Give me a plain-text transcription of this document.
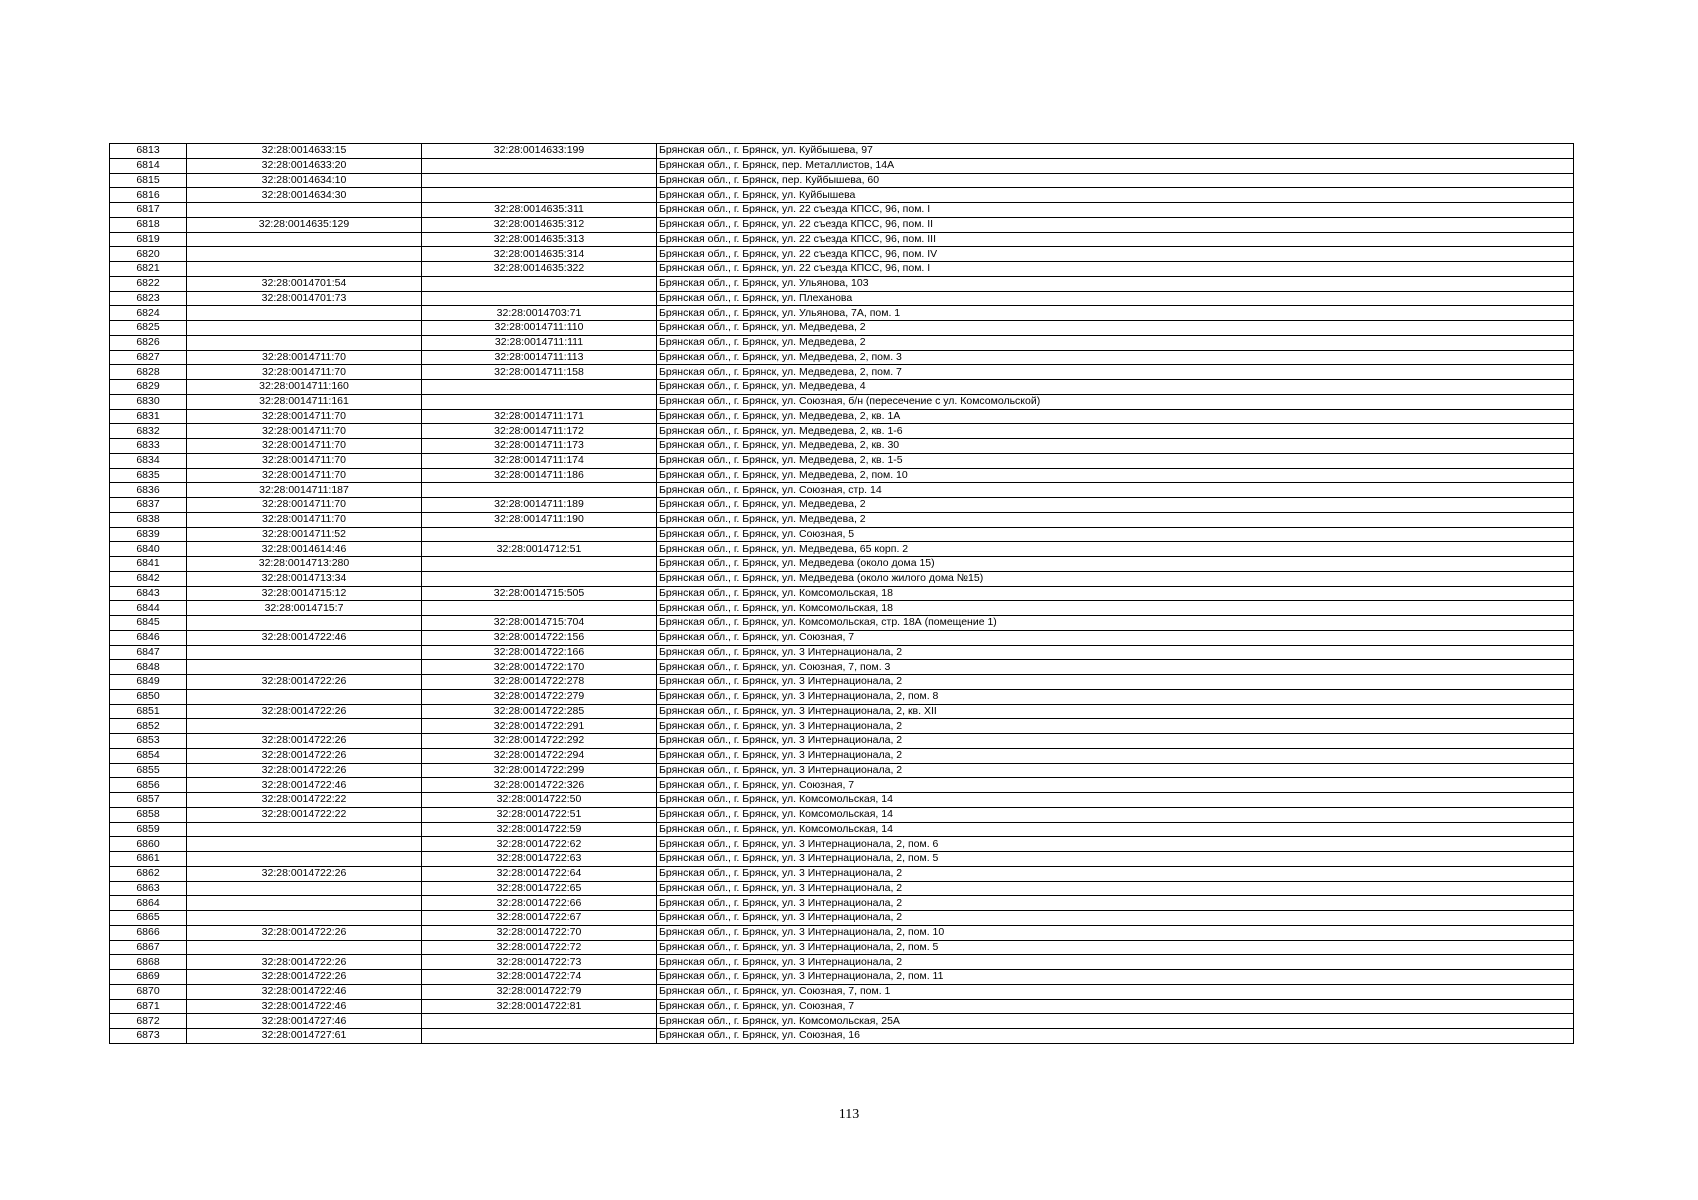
6813	32:28:0014633:15	32:28:0014633:199	Брянская обл., г. Брянск, ул. Куйбышева, 97
6814	32:28:0014633:20		Брянская обл., г. Брянск, пер. Металлистов, 14А
6815	32:28:0014634:10		Брянская обл., г. Брянск, пер. Куйбышева, 60
6816	32:28:0014634:30		Брянская обл., г. Брянск, ул. Куйбышева
6817		32:28:0014635:311	Брянская обл., г. Брянск, ул. 22 съезда КПСС, 96, пом. I
6818	32:28:0014635:129	32:28:0014635:312	Брянская обл., г. Брянск, ул. 22 съезда КПСС, 96, пом. II
6819		32:28:0014635:313	Брянская обл., г. Брянск, ул. 22 съезда КПСС, 96, пом. III
6820		32:28:0014635:314	Брянская обл., г. Брянск, ул. 22 съезда КПСС, 96, пом. IV
6821		32:28:0014635:322	Брянская обл., г. Брянск, ул. 22 съезда КПСС, 96, пом. I
6822	32:28:0014701:54		Брянская обл., г. Брянск, ул. Ульянова, 103
6823	32:28:0014701:73		Брянская обл., г. Брянск, ул. Плеханова
6824		32:28:0014703:71	Брянская обл., г. Брянск, ул. Ульянова, 7А, пом. 1
6825		32:28:0014711:110	Брянская обл., г. Брянск, ул. Медведева, 2
6826		32:28:0014711:111	Брянская обл., г. Брянск, ул. Медведева, 2
6827	32:28:0014711:70	32:28:0014711:113	Брянская обл., г. Брянск, ул. Медведева, 2, пом. 3
6828	32:28:0014711:70	32:28:0014711:158	Брянская обл., г. Брянск, ул. Медведева, 2, пом. 7
6829	32:28:0014711:160		Брянская обл., г. Брянск, ул. Медведева, 4
6830	32:28:0014711:161		Брянская обл., г. Брянск, ул. Союзная, б/н (пересечение с ул. Комсомольской)
6831	32:28:0014711:70	32:28:0014711:171	Брянская обл., г. Брянск, ул. Медведева, 2, кв. 1А
6832	32:28:0014711:70	32:28:0014711:172	Брянская обл., г. Брянск, ул. Медведева, 2, кв. 1-6
6833	32:28:0014711:70	32:28:0014711:173	Брянская обл., г. Брянск, ул. Медведева, 2, кв. 30
6834	32:28:0014711:70	32:28:0014711:174	Брянская обл., г. Брянск, ул. Медведева, 2, кв. 1-5
6835	32:28:0014711:70	32:28:0014711:186	Брянская обл., г. Брянск, ул. Медведева, 2, пом. 10
6836	32:28:0014711:187		Брянская обл., г. Брянск, ул. Союзная, стр. 14
6837	32:28:0014711:70	32:28:0014711:189	Брянская обл., г. Брянск, ул. Медведева, 2
6838	32:28:0014711:70	32:28:0014711:190	Брянская обл., г. Брянск, ул. Медведева, 2
6839	32:28:0014711:52		Брянская обл., г. Брянск, ул. Союзная, 5
6840	32:28:0014614:46	32:28:0014712:51	Брянская обл., г. Брянск, ул. Медведева, 65 корп. 2
6841	32:28:0014713:280		Брянская обл., г. Брянск, ул. Медведева (около дома 15)
6842	32:28:0014713:34		Брянская обл., г. Брянск, ул. Медведева (около жилого дома №15)
6843	32:28:0014715:12	32:28:0014715:505	Брянская обл., г. Брянск, ул. Комсомольская, 18
6844	32:28:0014715:7		Брянская обл., г. Брянск, ул. Комсомольская, 18
6845		32:28:0014715:704	Брянская обл., г. Брянск, ул. Комсомольская, стр. 18А (помещение 1)
6846	32:28:0014722:46	32:28:0014722:156	Брянская обл., г. Брянск, ул. Союзная, 7
6847		32:28:0014722:166	Брянская обл., г. Брянск, ул. 3 Интернационала, 2
6848		32:28:0014722:170	Брянская обл., г. Брянск, ул. Союзная, 7, пом. 3
6849	32:28:0014722:26	32:28:0014722:278	Брянская обл., г. Брянск, ул. 3 Интернационала, 2
6850		32:28:0014722:279	Брянская обл., г. Брянск, ул. 3 Интернационала, 2, пом. 8
6851	32:28:0014722:26	32:28:0014722:285	Брянская обл., г. Брянск, ул. 3 Интернационала, 2, кв. XII
6852		32:28:0014722:291	Брянская обл., г. Брянск, ул. 3 Интернационала, 2
6853	32:28:0014722:26	32:28:0014722:292	Брянская обл., г. Брянск, ул. 3 Интернационала, 2
6854	32:28:0014722:26	32:28:0014722:294	Брянская обл., г. Брянск, ул. 3 Интернационала, 2
6855	32:28:0014722:26	32:28:0014722:299	Брянская обл., г. Брянск, ул. 3 Интернационала, 2
6856	32:28:0014722:46	32:28:0014722:326	Брянская обл., г. Брянск, ул. Союзная, 7
6857	32:28:0014722:22	32:28:0014722:50	Брянская обл., г. Брянск, ул. Комсомольская, 14
6858	32:28:0014722:22	32:28:0014722:51	Брянская обл., г. Брянск, ул. Комсомольская, 14
6859		32:28:0014722:59	Брянская обл., г. Брянск, ул. Комсомольская, 14
6860		32:28:0014722:62	Брянская обл., г. Брянск, ул. 3 Интернационала, 2, пом. 6
6861		32:28:0014722:63	Брянская обл., г. Брянск, ул. 3 Интернационала, 2, пом. 5
6862	32:28:0014722:26	32:28:0014722:64	Брянская обл., г. Брянск, ул. 3 Интернационала, 2
6863		32:28:0014722:65	Брянская обл., г. Брянск, ул. 3 Интернационала, 2
6864		32:28:0014722:66	Брянская обл., г. Брянск, ул. 3 Интернационала, 2
6865		32:28:0014722:67	Брянская обл., г. Брянск, ул. 3 Интернационала, 2
6866	32:28:0014722:26	32:28:0014722:70	Брянская обл., г. Брянск, ул. 3 Интернационала, 2, пом. 10
6867		32:28:0014722:72	Брянская обл., г. Брянск, ул. 3 Интернационала, 2, пом. 5
6868	32:28:0014722:26	32:28:0014722:73	Брянская обл., г. Брянск, ул. 3 Интернационала, 2
6869	32:28:0014722:26	32:28:0014722:74	Брянская обл., г. Брянск, ул. 3 Интернационала, 2, пом. 11
6870	32:28:0014722:46	32:28:0014722:79	Брянская обл., г. Брянск, ул. Союзная, 7, пом. 1
6871	32:28:0014722:46	32:28:0014722:81	Брянская обл., г. Брянск, ул. Союзная, 7
6872	32:28:0014727:46		Брянская обл., г. Брянск, ул. Комсомольская, 25А
6873	32:28:0014727:61		Брянская обл., г. Брянск, ул. Союзная, 16
113
